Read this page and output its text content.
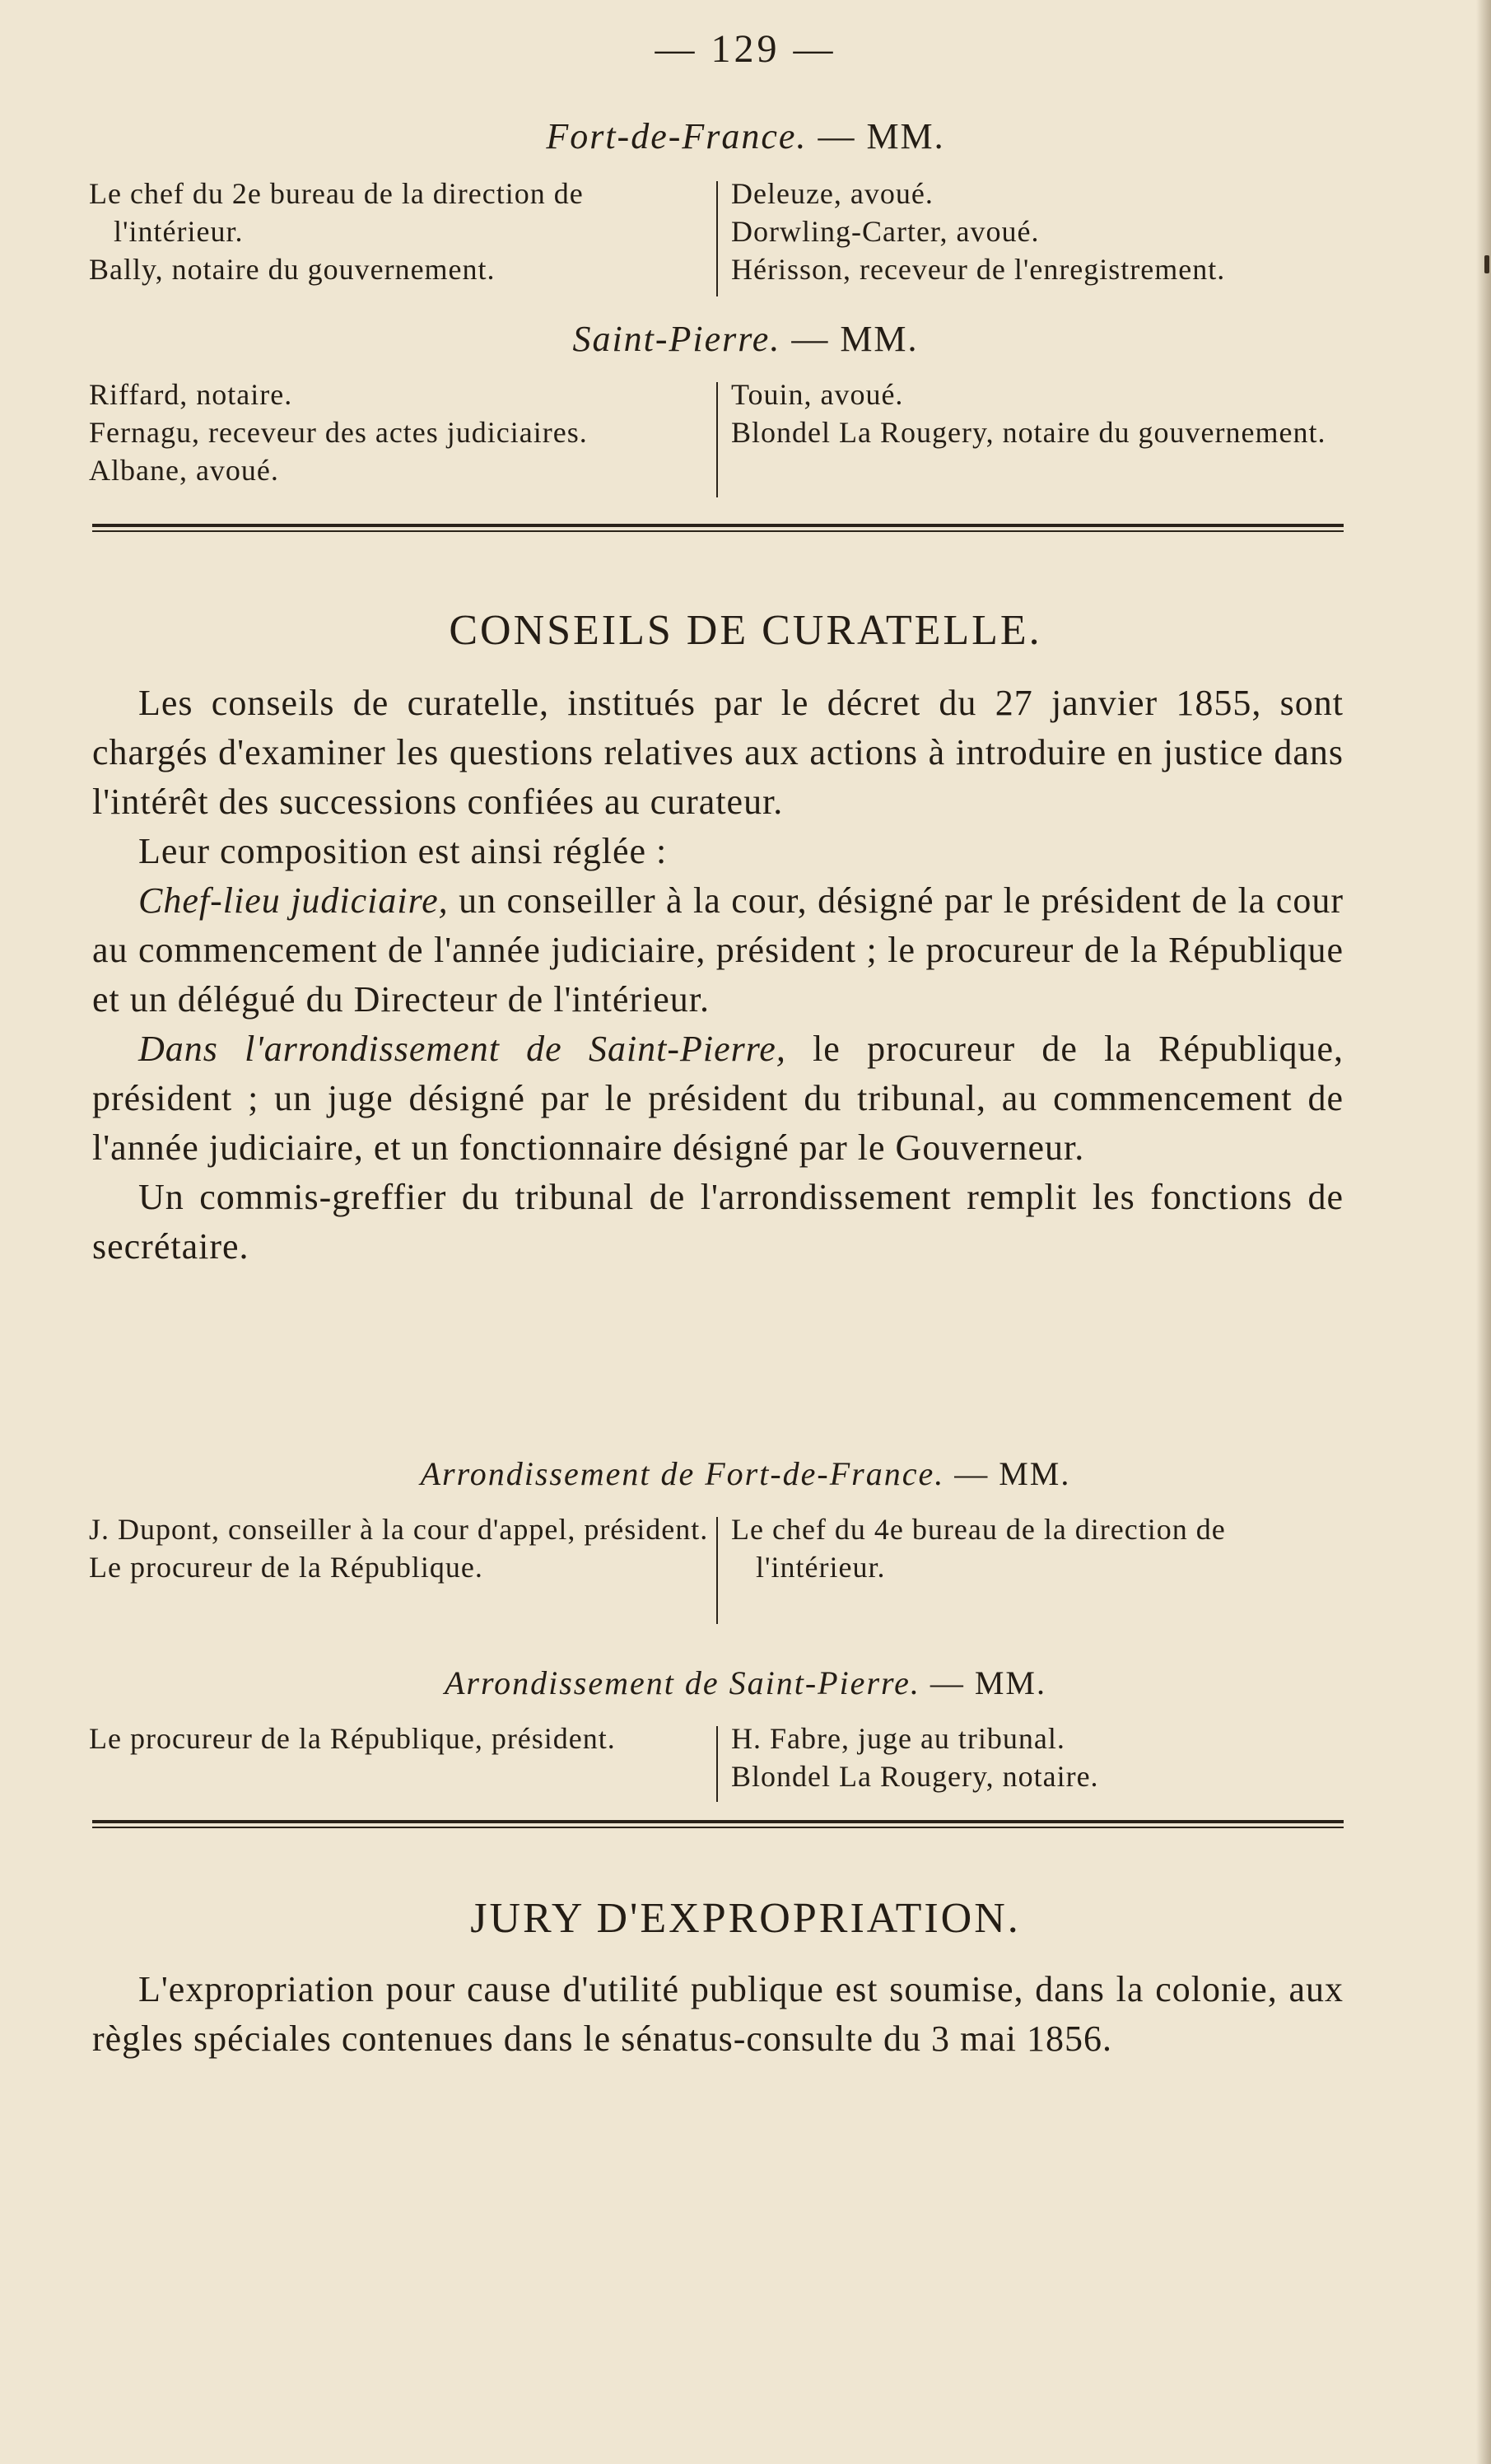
— 129 —
Fort-de-France. — MM.

Le chef du 2e bureau de la direction de l'intérieur.

Bally, notaire du gouvernement.

Deleuze, avoué.

Dorwling-Carter, avoué.

Hérisson, receveur de l'enregistrement.

Saint-Pierre. — MM.

Riffard, notaire.

Fernagu, receveur des actes judiciaires.

Albane, avoué.

Touin, avoué.

Blondel La Rougery, notaire du gouvernement.

CONSEILS DE CURATELLE.

Les conseils de curatelle, institués par le décret du 27 janvier 1855, sont chargés d'examiner les questions relatives aux actions à introduire en justice dans l'intérêt des successions confiées au curateur.

Leur composition est ainsi réglée :

Chef-lieu judiciaire, un conseiller à la cour, désigné par le président de la cour au commencement de l'année judiciaire, président ; le procureur de la République et un délégué du Directeur de l'intérieur.

Dans l'arrondissement de Saint-Pierre, le procureur de la République, président ; un juge désigné par le président du tribunal, au commencement de l'année judiciaire, et un fonctionnaire désigné par le Gouverneur.

Un commis-greffier du tribunal de l'arrondissement remplit les fonctions de secrétaire.

Arrondissement de Fort-de-France. — MM.

J. Dupont, conseiller à la cour d'appel, président.

Le procureur de la République.

Le chef du 4e bureau de la direction de l'intérieur.

Arrondissement de Saint-Pierre. — MM.

Le procureur de la République, président.	H. Fabre, juge au tribunal.

Blondel La Rougery, notaire.

JURY D'EXPROPRIATION.

L'expropriation pour cause d'utilité publique est soumise, dans la colonie, aux règles spéciales contenues dans le sénatus-consulte du 3 mai 1856.
